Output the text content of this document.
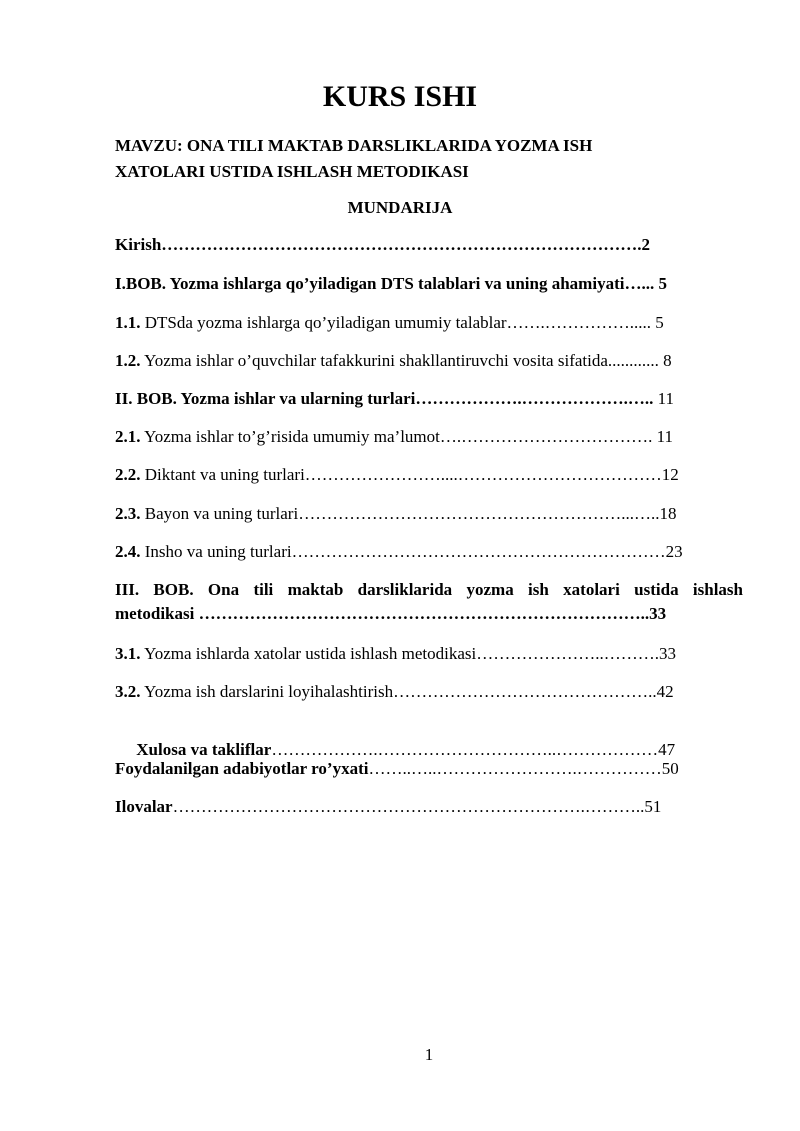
KURS ISHI
MAVZU: ONA TILI MAKTAB DARSLIKLARIDA YOZMA ISH
XATOLARI USTIDA ISHLASH METODIKASI
MUNDARIJA
Kirish………………………………………………………………………….2
I.BOB. Yozma ishlarga qo’yiladigan DTS talablari va uning ahamiyati…... 5
1.1. DTSda yozma ishlarga qo’yiladigan umumiy talablar…….……………..... 5
1.2. Yozma ishlar o’quvchilar tafakkurini shakllantiruvchi vosita sifatida............ 8
II. BOB. Yozma ishlar va ularning turlari……………….……………….….. 11
2.1. Yozma ishlar to’g’risida umumiy ma’lumot….……………………………. 11
2.2. Diktant va uning turlari……………………....………………………………12
2.3. Bayon va uning turlari…………………………………………………...…..18
2.4. Insho va uning turlari…………………………………………………………23
III. BOB. Ona tili maktab darsliklarida yozma ish xatolari ustida ishlash
metodikasi ……………………………………………………………………..33
3.1. Yozma ishlarda xatolar ustida ishlash metodikasi…………………..……….33
3.2. Yozma ish darslarini loyihalashtirish………………………………………..42

Xulosa va takliflar……………….…………………………..………………47

Foydalanilgan adabiyotlar ro’yxati……..…..…………………….……………50
Ilovalar……………………………………………………………….………..51
1
